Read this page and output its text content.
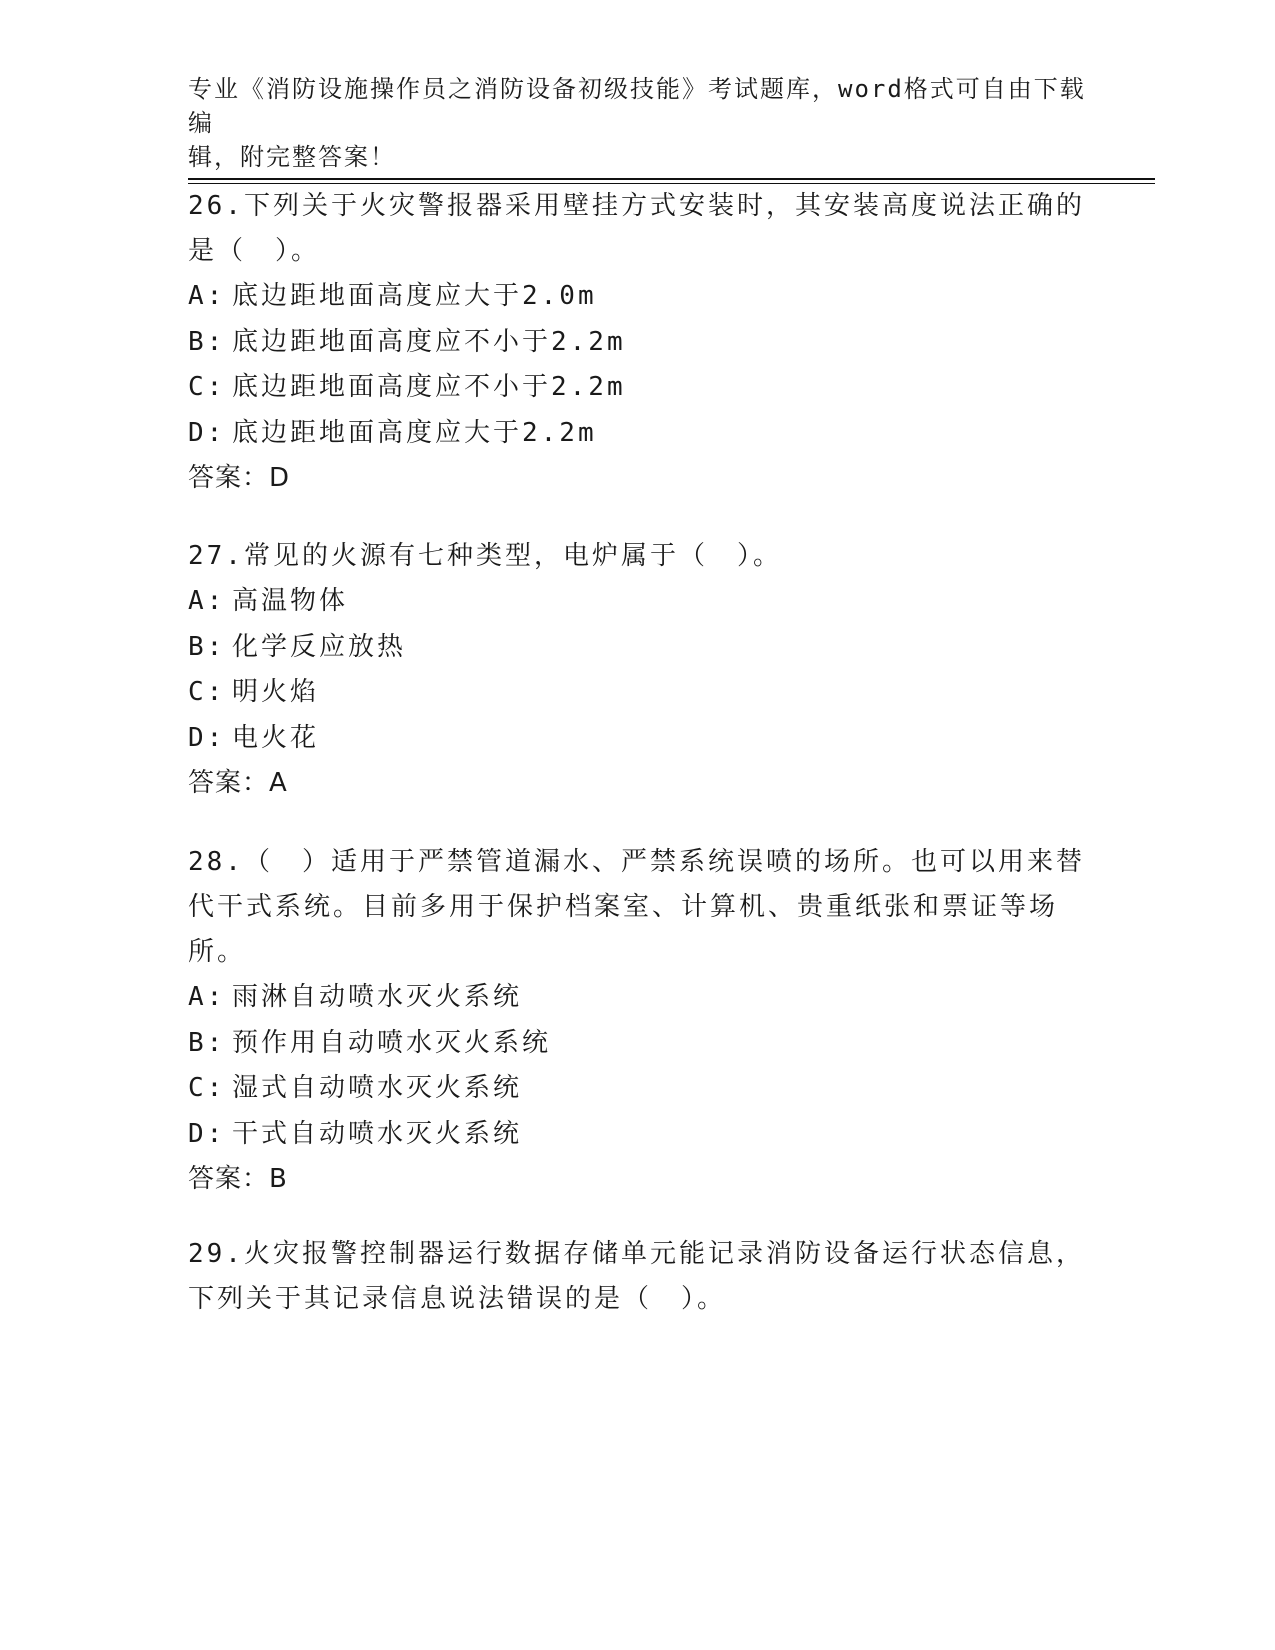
专业《消防设施操作员之消防设备初级技能》考试题库，word格式可自由下载编
辑，附完整答案！

26.下列关于火灾警报器采用壁挂方式安装时，其安装高度说法正确的

是（　）。

A: 底边距地面高度应大于2.0m

B: 底边距地面高度应不小于2.2m

C: 底边距地面高度应不小于2.2m

D: 底边距地面高度应大于2.2m

答案：D

27.常见的火源有七种类型，电炉属于（　）。

A: 高温物体

B: 化学反应放热

C: 明火焰

D: 电火花

答案：A

28.（　）适用于严禁管道漏水、严禁系统误喷的场所。也可以用来替

代干式系统。目前多用于保护档案室、计算机、贵重纸张和票证等场

所。

A: 雨淋自动喷水灭火系统

B: 预作用自动喷水灭火系统

C: 湿式自动喷水灭火系统

D: 干式自动喷水灭火系统

答案：B

29.火灾报警控制器运行数据存储单元能记录消防设备运行状态信息，

下列关于其记录信息说法错误的是（　）。
